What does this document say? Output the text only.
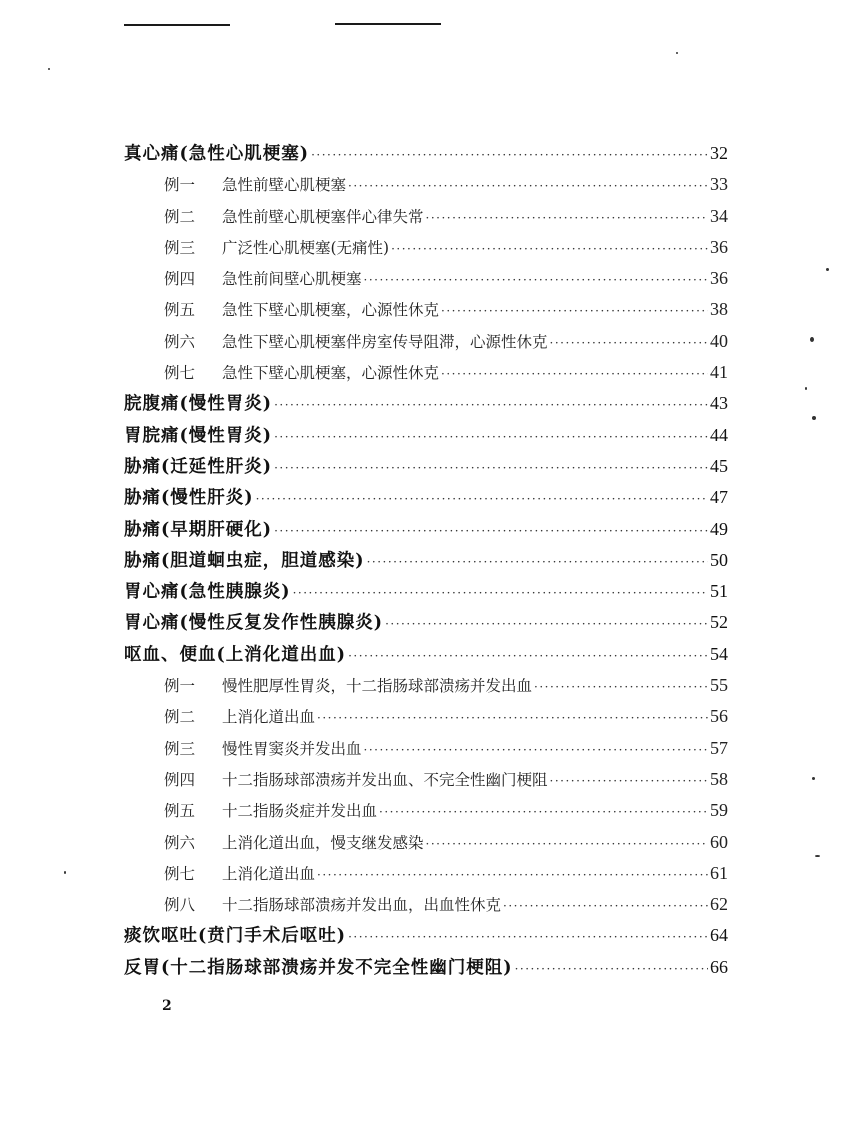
真心痛(急性心肌梗塞) ·····	32
例一	急性前壁心肌梗塞 ·····	33
例二	急性前壁心肌梗塞伴心律失常 ·····	34
例三	广泛性心肌梗塞(无痛性) ·····	36
例四	急性前间壁心肌梗塞 ·····	36
例五	急性下壁心肌梗塞，心源性休克 ·····	38
例六	急性下壁心肌梗塞伴房室传导阻滞，心源性休克 ·····	40
例七	急性下壁心肌梗塞，心源性休克 ·····	41
脘腹痛(慢性胃炎) ·····	43
胃脘痛(慢性胃炎) ·····	44
胁痛(迁延性肝炎) ·····	45
胁痛(慢性肝炎) ·····	47
胁痛(早期肝硬化) ·····	49
胁痛(胆道蛔虫症，胆道感染) ·····	50
胃心痛(急性胰腺炎) ·····	51
胃心痛(慢性反复发作性胰腺炎) ·····	52
呕血、便血(上消化道出血) ·····	54
例一	慢性肥厚性胃炎，十二指肠球部溃疡并发出血 ·····	55
例二	上消化道出血 ·····	56
例三	慢性胃窦炎并发出血 ·····	57
例四	十二指肠球部溃疡并发出血、不完全性幽门梗阻 ·····	58
例五	十二指肠炎症并发出血 ·····	59
例六	上消化道出血，慢支继发感染 ·····	60
例七	上消化道出血 ·····	61
例八	十二指肠球部溃疡并发出血，出血性休克 ·····	62
痰饮呕吐(贲门手术后呕吐) ·····	64
反胃(十二指肠球部溃疡并发不完全性幽门梗阻) ·····	66
2
